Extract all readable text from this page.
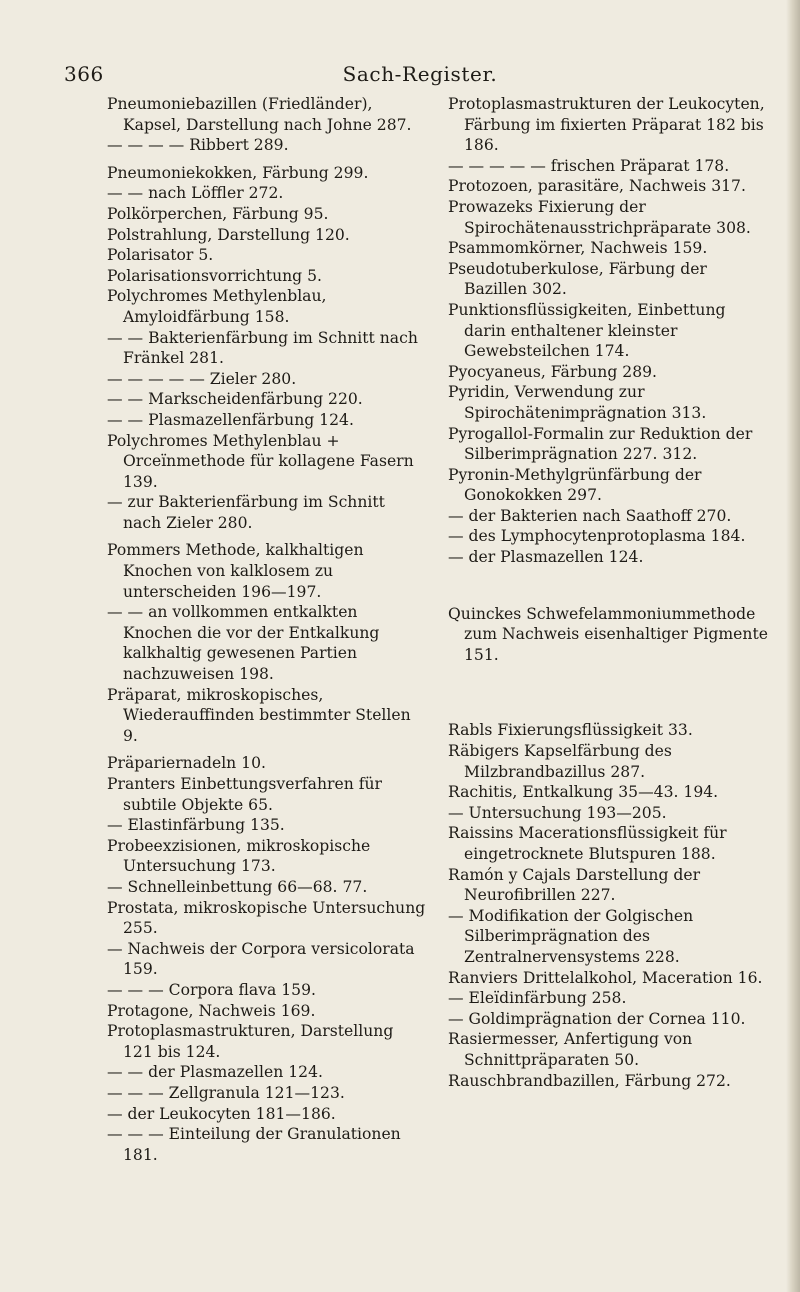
366	Sach-Register.
Pneumoniebazillen (Friedländer), Kapsel, Darstellung nach Johne 287.
— — — — Ribbert 289.
Pneumoniekokken, Färbung 299.
— — nach Löffler 272.
Polkörperchen, Färbung 95.
Polstrahlung, Darstellung 120.
Polarisator 5.
Polarisationsvorrichtung 5.
Polychromes Methylenblau, Amyloidfärbung 158.
— — Bakterienfärbung im Schnitt nach Fränkel 281.
— — — — — Zieler 280.
— — Markscheidenfärbung 220.
— — Plasmazellenfärbung 124.
Polychromes Methylenblau + Orceïnmethode für kollagene Fasern 139.
— zur Bakterienfärbung im Schnitt nach Zieler 280.
Pommers Methode, kalkhaltigen Knochen von kalklosem zu unterscheiden 196—197.
— — an vollkommen entkalkten Knochen die vor der Entkalkung kalkhaltig gewesenen Partien nachzuweisen 198.
Präparat, mikroskopisches, Wiederauffinden bestimmter Stellen 9.
Präpariernadeln 10.
Pranters Einbettungsverfahren für subtile Objekte 65.
— Elastinfärbung 135.
Probeexzisionen, mikroskopische Untersuchung 173.
— Schnelleinbettung 66—68. 77.
Prostata, mikroskopische Untersuchung 255.
— Nachweis der Corpora versicolorata 159.
— — — Corpora flava 159.
Protagone, Nachweis 169.
Protoplasmastrukturen, Darstellung 121 bis 124.
— — der Plasmazellen 124.
— — — Zellgranula 121—123.
— der Leukocyten 181—186.
— — — Einteilung der Granulationen 181.
Protoplasmastrukturen der Leukocyten, Färbung im fixierten Präparat 182 bis 186.
— — — — — frischen Präparat 178.
Protozoen, parasitäre, Nachweis 317.
Prowazeks Fixierung der Spirochätenausstrichpräparate 308.
Psammomkörner, Nachweis 159.
Pseudotuberkulose, Färbung der Bazillen 302.
Punktionsflüssigkeiten, Einbettung darin enthaltener kleinster Gewebsteilchen 174.
Pyocyaneus, Färbung 289.
Pyridin, Verwendung zur Spirochätenimprägnation 313.
Pyrogallol-Formalin zur Reduktion der Silberimprägnation 227. 312.
Pyronin-Methylgrünfärbung der Gonokokken 297.
— der Bakterien nach Saathoff 270.
— des Lymphocytenprotoplasma 184.
— der Plasmazellen 124.
Quinckes Schwefelammoniummethode zum Nachweis eisenhaltiger Pigmente 151.
Rabls Fixierungsflüssigkeit 33.
Räbigers Kapselfärbung des Milzbrandbazillus 287.
Rachitis, Entkalkung 35—43. 194.
— Untersuchung 193—205.
Raissins Macerationsflüssigkeit für eingetrocknete Blutspuren 188.
Ramón y Cajals Darstellung der Neurofibrillen 227.
— Modifikation der Golgischen Silberimprägnation des Zentralnervensystems 228.
Ranviers Drittelalkohol, Maceration 16.
— Eleïdinfärbung 258.
— Goldimprägnation der Cornea 110.
Rasiermesser, Anfertigung von Schnittpräparaten 50.
Rauschbrandbazillen, Färbung 272.
